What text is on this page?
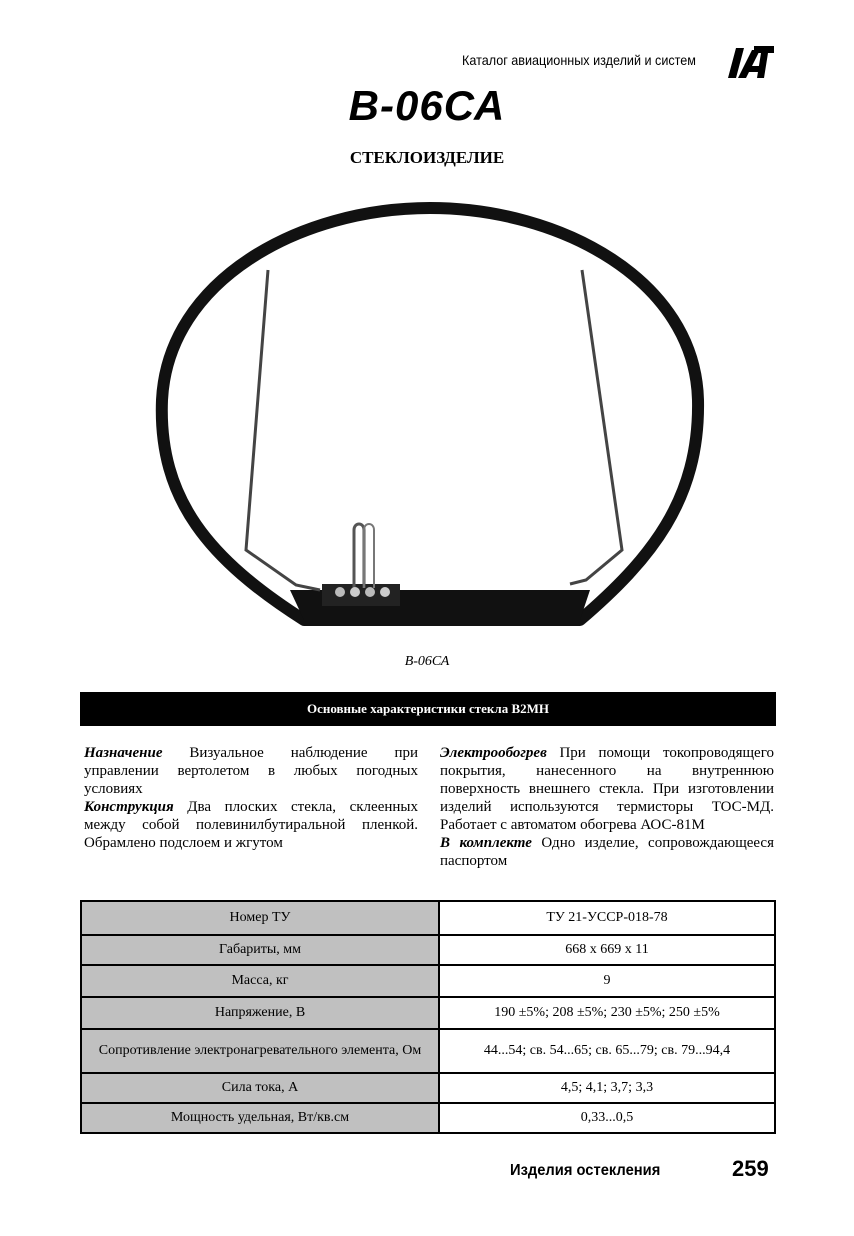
Каталог авиационных изделий и систем
В-06СА
СТЕКЛОИЗДЕЛИЕ
В-06СА
Основные характеристики стекла В2МН

Назначение Визуальное наблюдение при управлении вертолетом в любых погодных условиях

Конструкция Два плоских стекла, склеенных между собой полевинилбутиральной пленкой. Обрамлено подслоем и жгутом

Электрообогрев При помощи токопроводящего покрытия, нанесенного на внутреннюю поверхность внешнего стекла. При изготовлении изделий используются термисторы ТОС-МД. Работает с автоматом обогрева АОС-81М

В комплекте Одно изделие, сопровождающееся паспортом

Номер ТУ	ТУ 21-УССР-018-78
Габариты, мм	668 х 669 х 11
Масса, кг	9
Напряжение, В	190 ±5%; 208 ±5%; 230 ±5%; 250 ±5%
Сопротивление электронагревательного элемента, Ом	44...54; св. 54...65; св. 65...79; св. 79...94,4
Сила тока, А	4,5; 4,1; 3,7; 3,3
Мощность удельная, Вт/кв.см	0,33...0,5
Изделия остекления	259
